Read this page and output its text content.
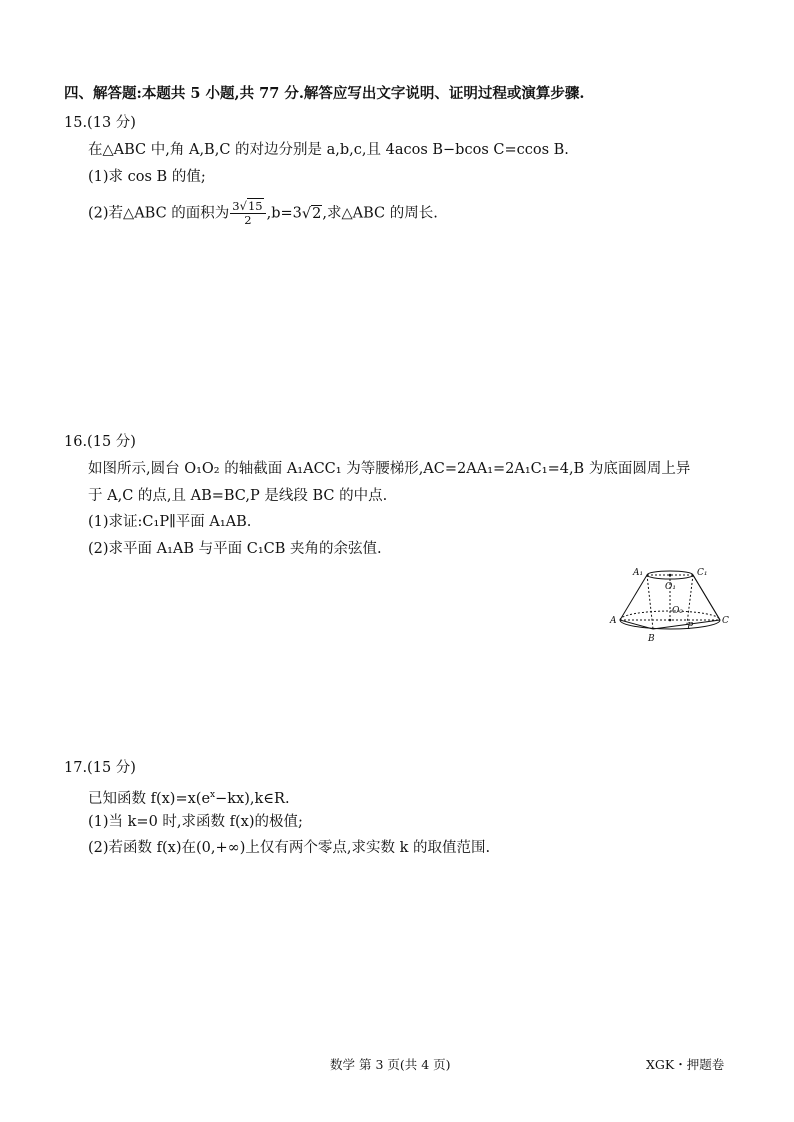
四、解答题:本题共 5 小题,共 77 分.解答应写出文字说明、证明过程或演算步骤.
15.(13 分)
在△ABC 中,角 A,B,C 的对边分别是 a,b,c,且 4acos B−bcos C=ccos B.
(1)求 cos B 的值;
(2)若△ABC 的面积为 $\frac{3√15}{2} ,b=3√2$,求△ABC 的周长.
16.(15 分)
如图所示,圆台 O₁O₂ 的轴截面 A₁ACC₁ 为等腰梯形,AC=2AA₁=2A₁C₁=4,B 为底面圆周上异
于 A,C 的点,且 AB=BC,P 是线段 BC 的中点.
(1)求证:C₁P∥平面 A₁AB.
(2)求平面 A₁AB 与平面 C₁CB 夹角的余弦值.
A₁	C₁
O₁
O₂
A	C
B
P
17.(15 分)
已知函数 $f(x)=x(e^x-kx),k\in R$.
(1)当 k=0 时,求函数 f(x)的极值;
(2)若函数 f(x)在(0,+∞)上仅有两个零点,求实数 k 的取值范围.
数学 第 3 页(共 4 页)	XGK・押题卷
